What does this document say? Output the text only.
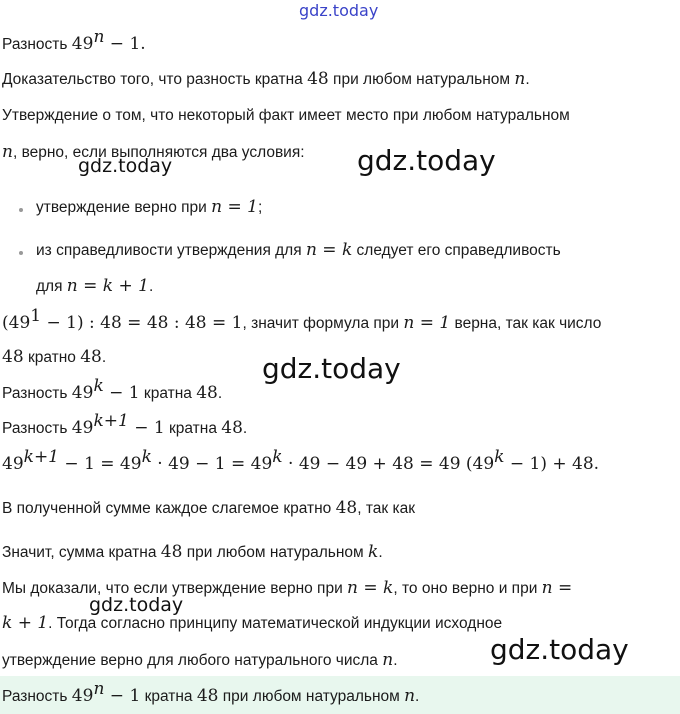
Разность $49^n - 1$.
Доказательство того, что разность кратна 48 при любом натуральном n.
Утверждение о том, что некоторый факт имеет место при любом натуральном
n, верно, если выполняются два условия:
утверждение верно при n = 1;
из справедливости утверждения для n = k следует его справедливость
для n = k + 1.
$(49^1 - 1)$ : 48 = 48 : 48 = 1, значит формула при n = 1 верна, так как число
48 кратно 48.
Разность $49^k - 1$ кратна 48.
Разность $49^{k+1} - 1$ кратна 48.
$49^{k+1} - 1 = 49^k \cdot 49 - 1 = 49^k \cdot 49 - 49 + 48 = 49$ $(49^k - 1) + 48$.
В полученной сумме каждое слагемое кратно 48, так как
Значит, сумма кратна 48 при любом натуральном k.
Мы доказали, что если утверждение верно при n = k, то оно верно и при n =
k + 1. Тогда согласно принципу математической индукции исходное
утверждение верно для любого натурального числа n.
Разность $49^n - 1$ кратна 48 при любом натуральном n.
gdz.today
gdz.today
gdz.today
gdz.today
gdz.today
gdz.today
